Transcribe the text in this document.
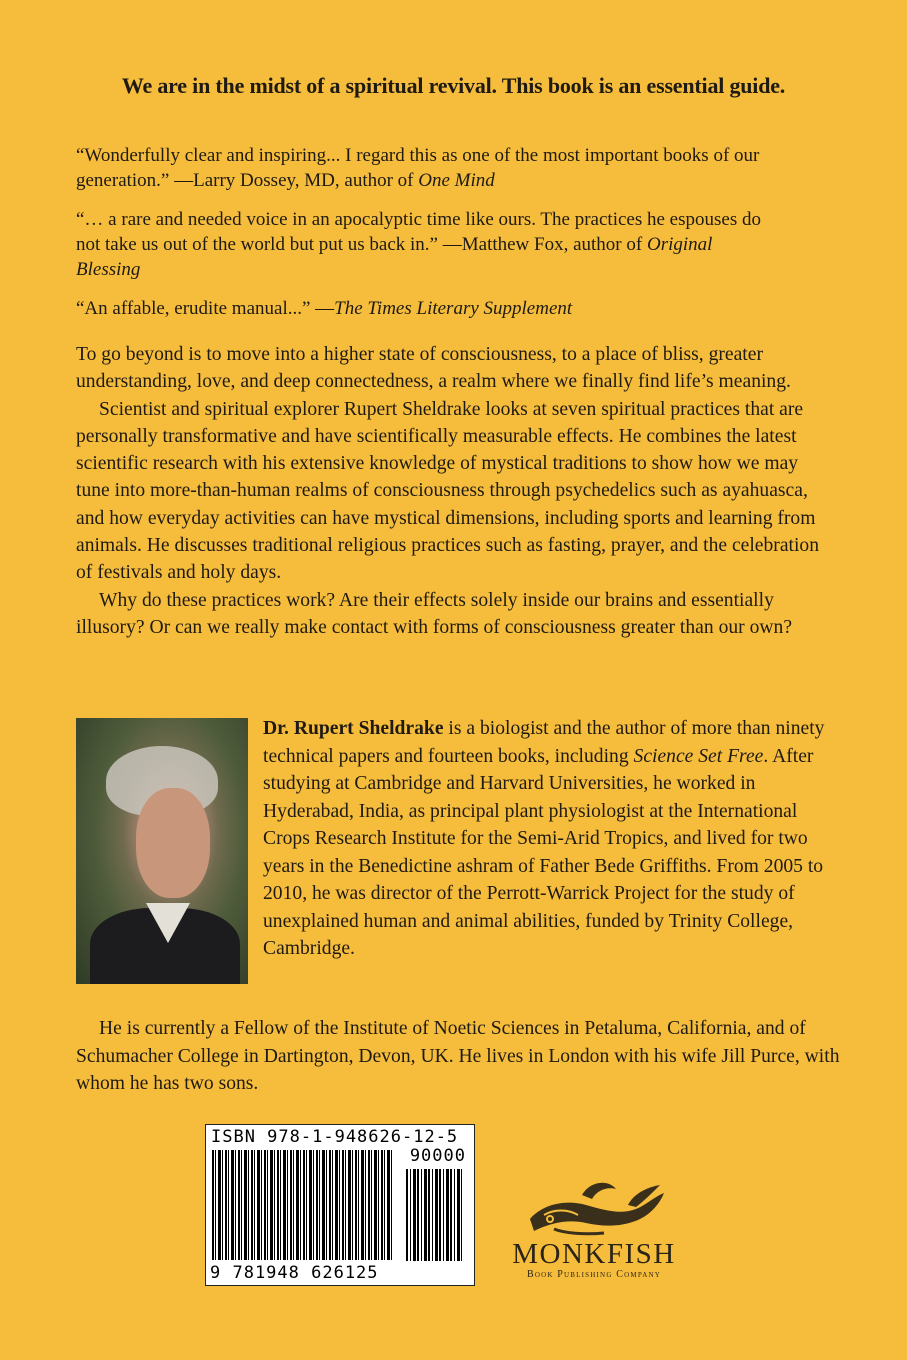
We are in the midst of a spiritual revival. This book is an essential guide.

“Wonderfully clear and inspiring... I regard this as one of the most important books of our generation.” —Larry Dossey, MD, author of One Mind

“… a rare and needed voice in an apocalyptic time like ours. The practices he espouses do not take us out of the world but put us back in.” —Matthew Fox, author of Original Blessing

“An affable, erudite manual...” —The Times Literary Supplement

To go beyond is to move into a higher state of consciousness, to a place of bliss, greater understanding, love, and deep connectedness, a realm where we finally find life’s meaning.

Scientist and spiritual explorer Rupert Sheldrake looks at seven spiritual practices that are personally transformative and have scientifically measurable effects. He combines the latest scientific research with his extensive knowledge of mystical traditions to show how we may tune into more-than-human realms of consciousness through psychedelics such as ayahuasca, and how everyday activities can have mystical dimensions, including sports and learning from animals. He discusses traditional religious practices such as fasting, prayer, and the celebration of festivals and holy days.

Why do these practices work? Are their effects solely inside our brains and essentially illusory? Or can we really make contact with forms of consciousness greater than our own?

Dr. Rupert Sheldrake is a biologist and the author of more than ninety technical papers and fourteen books, including Science Set Free. After studying at Cambridge and Harvard Universities, he worked in Hyderabad, India, as principal plant physiologist at the International Crops Research Institute for the Semi-Arid Tropics, and lived for two years in the Benedictine ashram of Father Bede Griffiths. From 2005 to 2010, he was director of the Perrott-Warrick Project for the study of unexplained human and animal abilities, funded by Trinity College, Cambridge.

He is currently a Fellow of the Institute of Noetic Sciences in Petaluma, California, and of Schumacher College in Dartington, Devon, UK. He lives in London with his wife Jill Purce, with whom he has two sons.

ISBN 978-1-948626-12-5
90000
9 781948 626125
MONKFISH
Book Publishing Company
